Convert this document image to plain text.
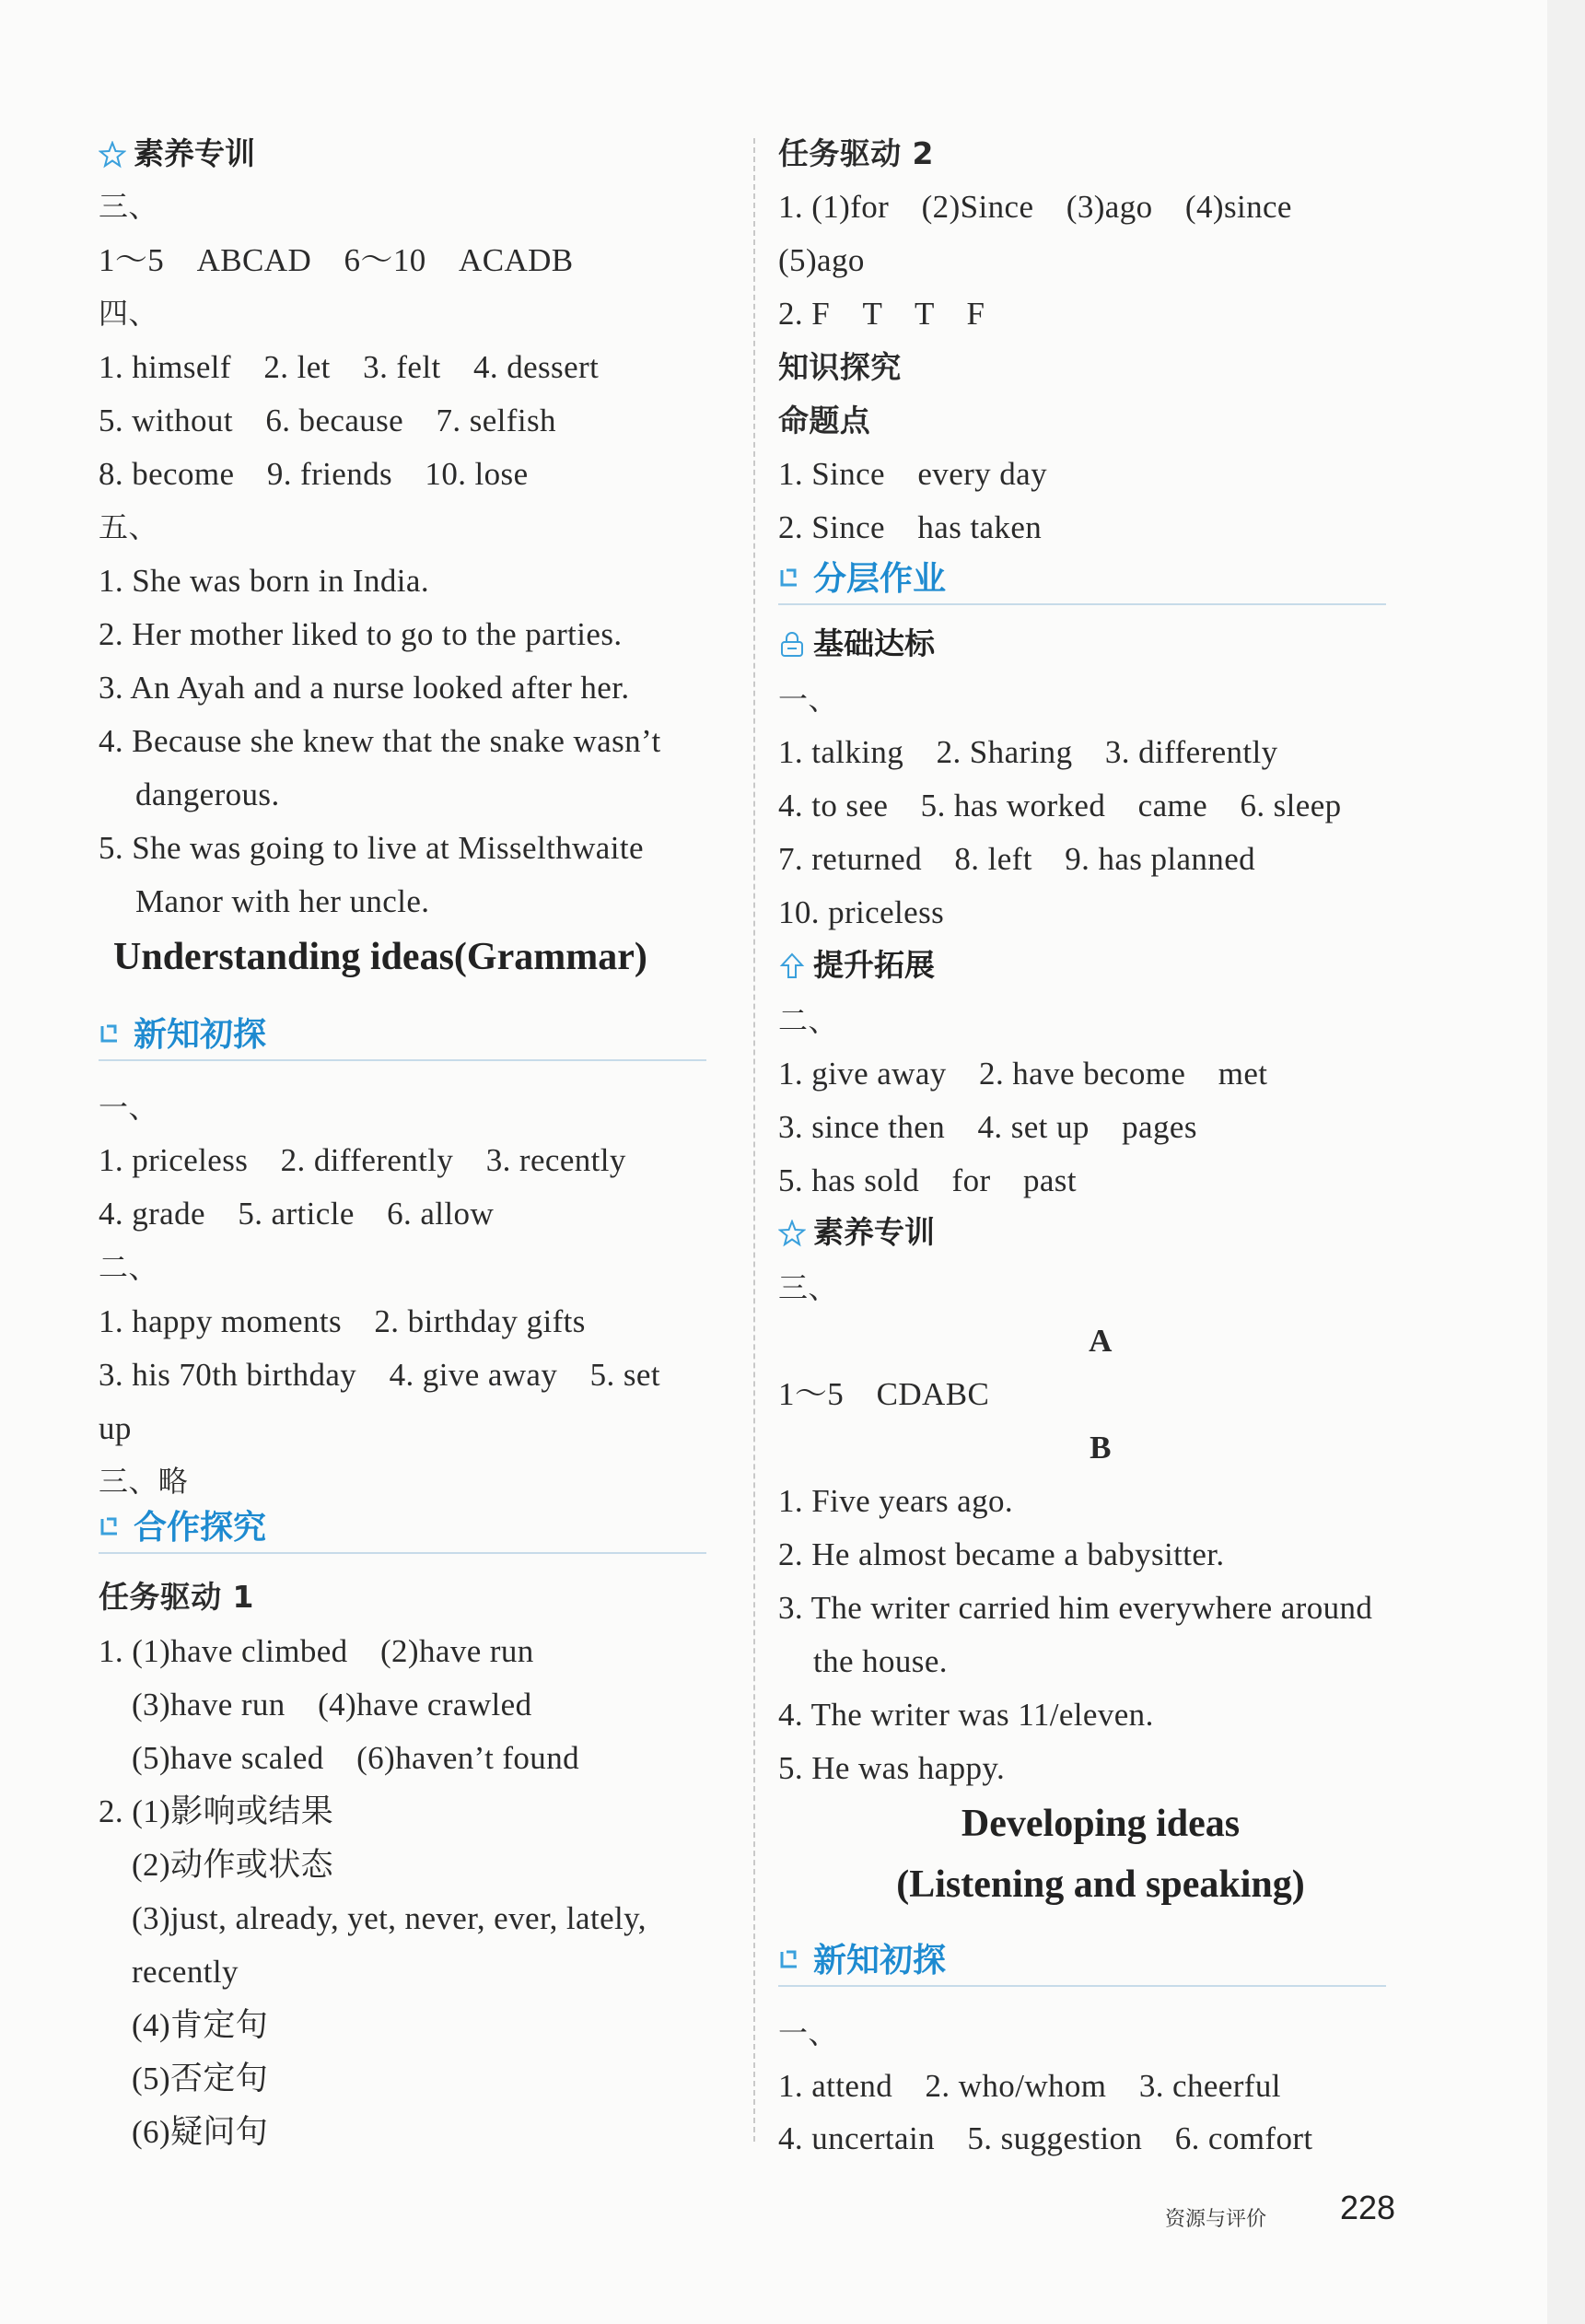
素养专训
三、
1～5　ABCAD　6～10　ACADB
四、
1. himself　2. let　3. felt　4. dessert
5. without　6. because　7. selfish
8. become　9. friends　10. lose
五、
1. She was born in India.
2. Her mother liked to go to the parties.
3. An Ayah and a nurse looked after her.
4. Because she knew that the snake wasn’t
dangerous.
5. She was going to live at Misselthwaite
Manor with her uncle.
Understanding ideas(Grammar)
新知初探
一、
1. priceless　2. differently　3. recently
4. grade　5. article　6. allow
二、
1. happy moments　2. birthday gifts
3. his 70th birthday　4. give away　5. set
up
三、略
合作探究
任务驱动 1
1. (1)have climbed　(2)have run
(3)have run　(4)have crawled
(5)have scaled　(6)haven’t found
2. (1)影响或结果
(2)动作或状态
(3)just, already, yet, never, ever, lately,
recently
(4)肯定句
(5)否定句
(6)疑问句
任务驱动 2
1. (1)for　(2)Since　(3)ago　(4)since
(5)ago
2. F　T　T　F
知识探究
命题点
1. Since　every day
2. Since　has taken
分层作业
基础达标
一、
1. talking　2. Sharing　3. differently
4. to see　5. has worked　came　6. sleep
7. returned　8. left　9. has planned
10. priceless
提升拓展
二、
1. give away　2. have become　met
3. since then　4. set up　pages
5. has sold　for　past
素养专训
三、
A
1～5　CDABC
B
1. Five years ago.
2. He almost became a babysitter.
3. The writer carried him everywhere around
the house.
4. The writer was 11/eleven.
5. He was happy.
Developing ideas
(Listening and speaking)
新知初探
一、
1. attend　2. who/whom　3. cheerful
4. uncertain　5. suggestion　6. comfort
资源与评价 228
